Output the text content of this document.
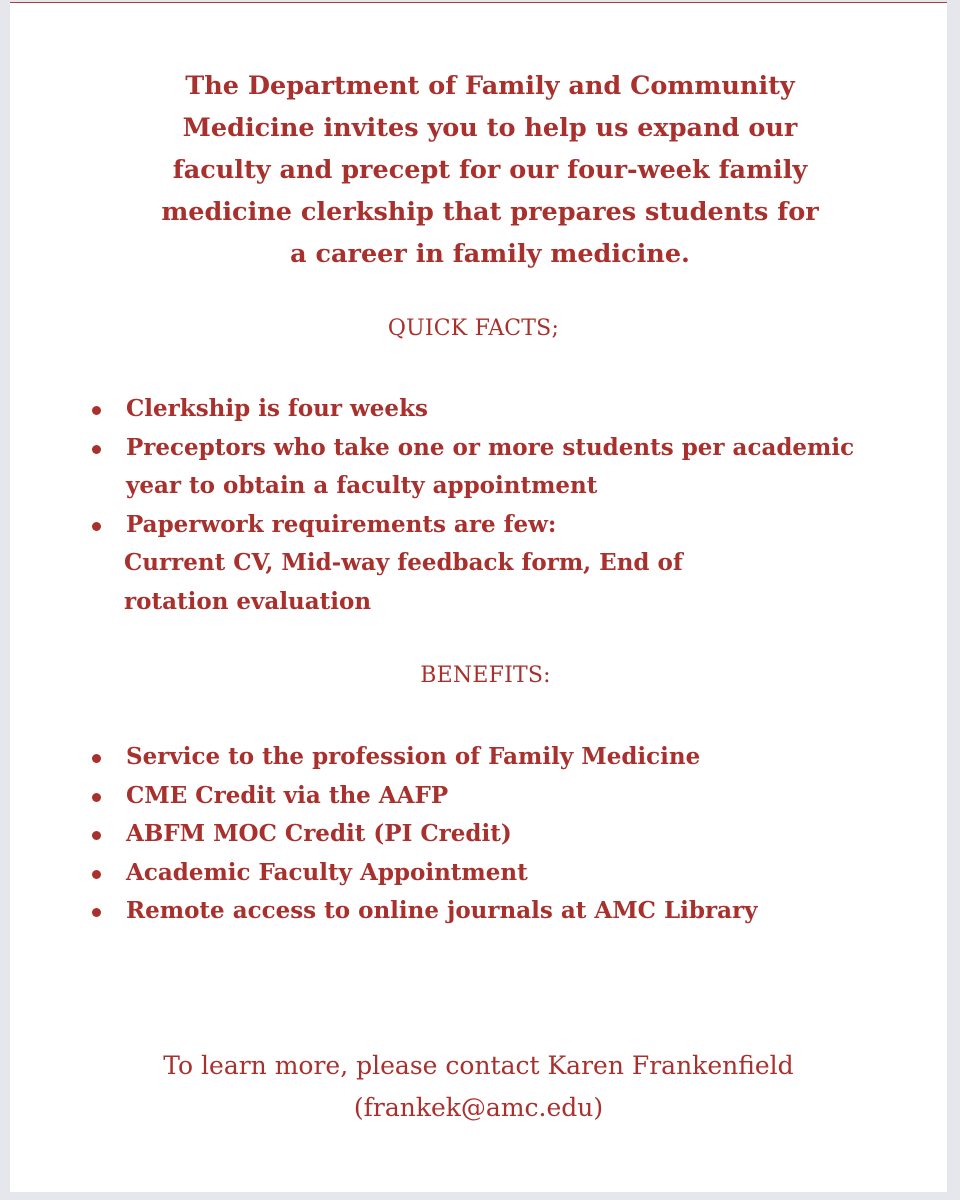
The Department of Family and Community
Medicine invites you to help us expand our
faculty and precept for our four-week family
medicine clerkship that prepares students for
a career in family medicine.

QUICK FACTS;
Clerkship is four weeks
Preceptors who take one or more students per academic
year to obtain a faculty appointment
Paperwork requirements are few:
Current CV, Mid-way feedback form, End of
rotation evaluation
BENEFITS:
Service to the profession of Family Medicine
CME Credit via the AAFP
ABFM MOC Credit (PI Credit)
Academic Faculty Appointment
Remote access to online journals at AMC Library

To learn more, please contact Karen Frankenfield
(frankek@amc.edu)
